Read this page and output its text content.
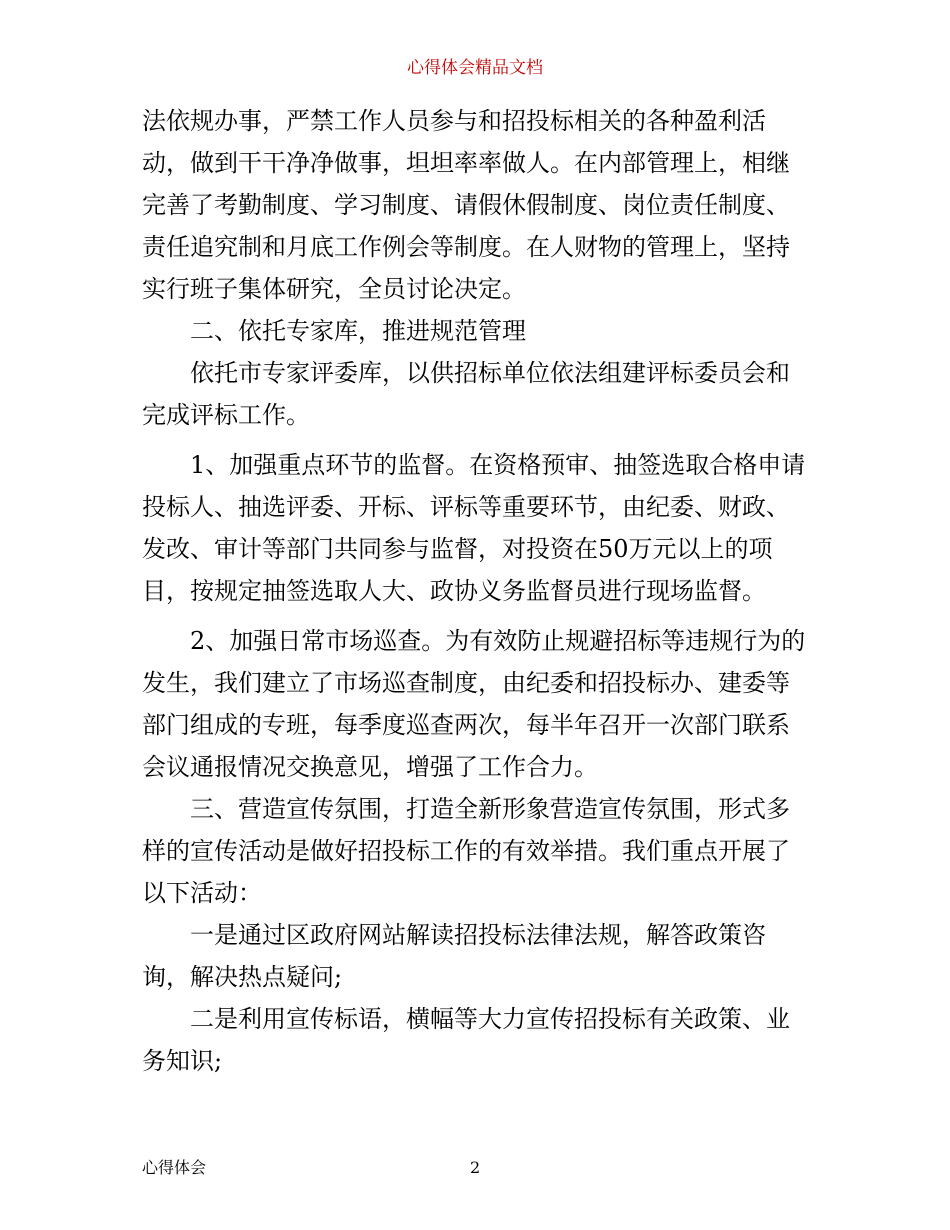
心得体会精品文档

法依规办事，严禁工作人员参与和招投标相关的各种盈利活动，做到干干净净做事，坦坦率率做人。在内部管理上，相继完善了考勤制度、学习制度、请假休假制度、岗位责任制度、责任追究制和月底工作例会等制度。在人财物的管理上，坚持实行班子集体研究，全员讨论决定。

二、依托专家库，推进规范管理

依托市专家评委库，以供招标单位依法组建评标委员会和完成评标工作。

1、加强重点环节的监督。在资格预审、抽签选取合格申请投标人、抽选评委、开标、评标等重要环节，由纪委、财政、发改、审计等部门共同参与监督，对投资在50万元以上的项目，按规定抽签选取人大、政协义务监督员进行现场监督。

2、加强日常市场巡查。为有效防止规避招标等违规行为的发生，我们建立了市场巡查制度，由纪委和招投标办、建委等部门组成的专班，每季度巡查两次，每半年召开一次部门联系会议通报情况交换意见，增强了工作合力。

三、营造宣传氛围，打造全新形象营造宣传氛围，形式多样的宣传活动是做好招投标工作的有效举措。我们重点开展了以下活动：

一是通过区政府网站解读招投标法律法规，解答政策咨询，解决热点疑问;

二是利用宣传标语，横幅等大力宣传招投标有关政策、业务知识;

心得体会	2
